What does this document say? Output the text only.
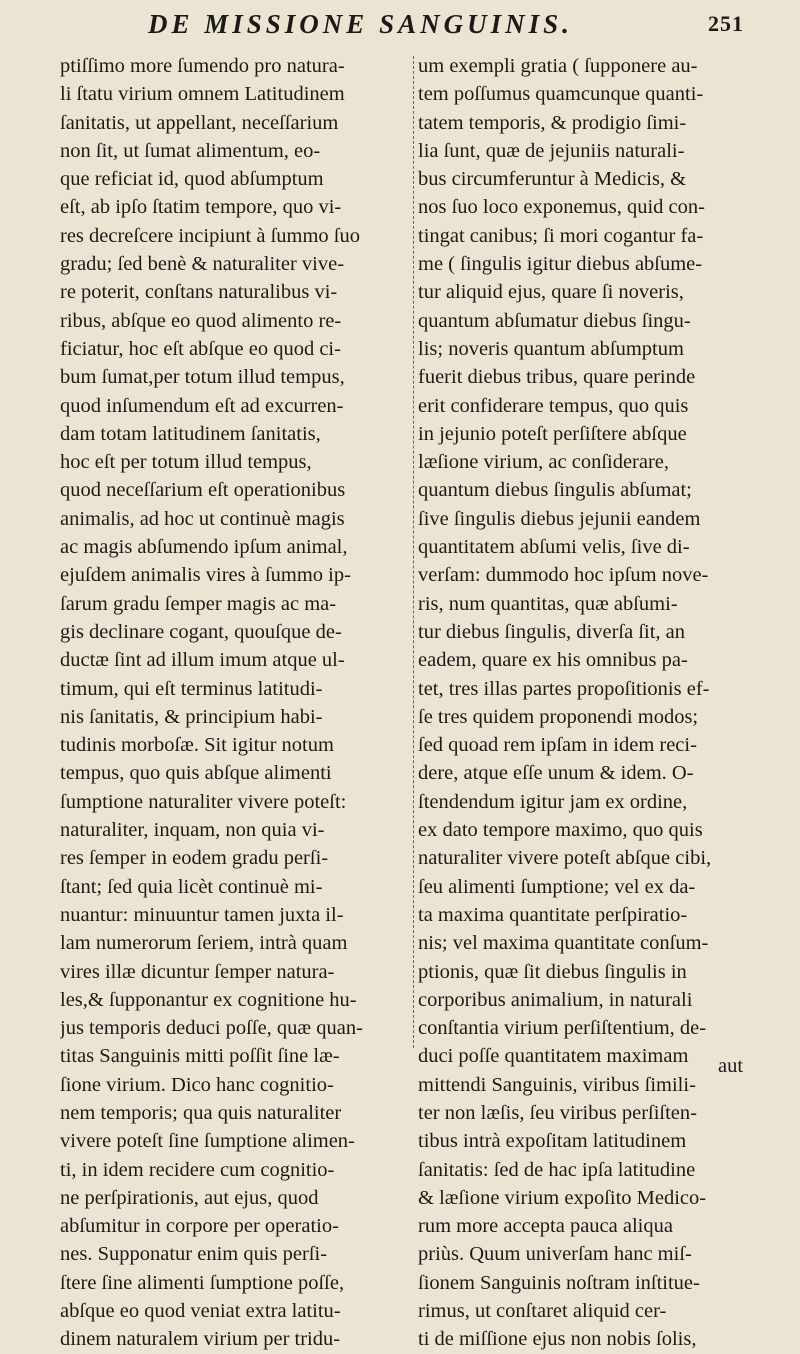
DE MISSIONE SANGUINIS.	251
ptiſſimo more ſumendo pro natura-
li ſtatu virium omnem Latitudinem
ſanitatis, ut appellant, neceſſarium
non ſit, ut ſumat alimentum, eo-
que reficiat id, quod abſumptum
eſt, ab ipſo ſtatim tempore, quo vi-
res decreſcere incipiunt à ſummo ſuo
gradu; ſed benè & naturaliter vive-
re poterit, conſtans naturalibus vi-
ribus, abſque eo quod alimento re-
ficiatur, hoc eſt abſque eo quod ci-
bum ſumat,per totum illud tempus,
quod inſumendum eſt ad excurren-
dam totam latitudinem ſanitatis,
hoc eſt per totum illud tempus,
quod neceſſarium eſt operationibus
animalis, ad hoc ut continuè magis
ac magis abſumendo ipſum animal,
ejuſdem animalis vires à ſummo ip-
ſarum gradu ſemper magis ac ma-
gis declinare cogant, quouſque de-
ductæ ſint ad illum imum atque ul-
timum, qui eſt terminus latitudi-
nis ſanitatis, & principium habi-
tudinis morboſæ. Sit igitur notum
tempus, quo quis abſque alimenti
ſumptione naturaliter vivere poteſt:
naturaliter, inquam, non quia vi-
res ſemper in eodem gradu perſi-
ſtant; ſed quia licèt continuè mi-
nuantur: minuuntur tamen juxta il-
lam numerorum ſeriem, intrà quam
vires illæ dicuntur ſemper natura-
les,& ſupponantur ex cognitione hu-
jus temporis deduci poſſe, quæ quan-
titas Sanguinis mitti poſſit ſine læ-
ſione virium. Dico hanc cognitio-
nem temporis; qua quis naturaliter
vivere poteſt ſine ſumptione alimen-
ti, in idem recidere cum cognitio-
ne perſpirationis, aut ejus, quod
abſumitur in corpore per operatio-
nes. Supponatur enim quis perſi-
ſtere ſine alimenti ſumptione poſſe,
abſque eo quod veniat extra latitu-
dinem naturalem virium per tridu-
um exempli gratia ( ſupponere au-
tem poſſumus quamcunque quanti-
tatem temporis, & prodigio ſimi-
lia ſunt, quæ de jejuniis naturali-
bus circumferuntur à Medicis, &
nos ſuo loco exponemus, quid con-
tingat canibus; ſi mori cogantur fa-
me ( ſingulis igitur diebus abſume-
tur aliquid ejus, quare ſi noveris,
quantum abſumatur diebus ſingu-
lis; noveris quantum abſumptum
fuerit diebus tribus, quare perinde
erit confiderare tempus, quo quis
in jejunio poteſt perſiſtere abſque
læſione virium, ac conſiderare,
quantum diebus ſingulis abſumat;
ſive ſingulis diebus jejunii eandem
quantitatem abſumi velis, ſive di-
verſam: dummodo hoc ipſum nove-
ris, num quantitas, quæ abſumi-
tur diebus ſingulis, diverſa ſit, an
eadem, quare ex his omnibus pa-
tet, tres illas partes propoſitionis ef-
ſe tres quidem proponendi modos;
ſed quoad rem ipſam in idem reci-
dere, atque eſſe unum & idem. O-
ſtendendum igitur jam ex ordine,
ex dato tempore maximo, quo quis
naturaliter vivere poteſt abſque cibi,
ſeu alimenti ſumptione; vel ex da-
ta maxima quantitate perſpiratio-
nis; vel maxima quantitate conſum-
ptionis, quæ ſit diebus ſingulis in
corporibus animalium, in naturali
conſtantia virium perſiſtentium, de-
duci poſſe quantitatem maximam
mittendi Sanguinis, viribus ſimili-
ter non læſis, ſeu viribus perſiſten-
tibus intrà expoſitam latitudinem
ſanitatis: ſed de hac ipſa latitudine
& læſione virium expoſito Medico-
rum more accepta pauca aliqua
priùs. Quum univerſam hanc miſ-
ſionem Sanguinis noſtram inſtitue-
rimus, ut conſtaret aliquid cer-
ti de miſſione ejus non nobis ſolis,
aut
